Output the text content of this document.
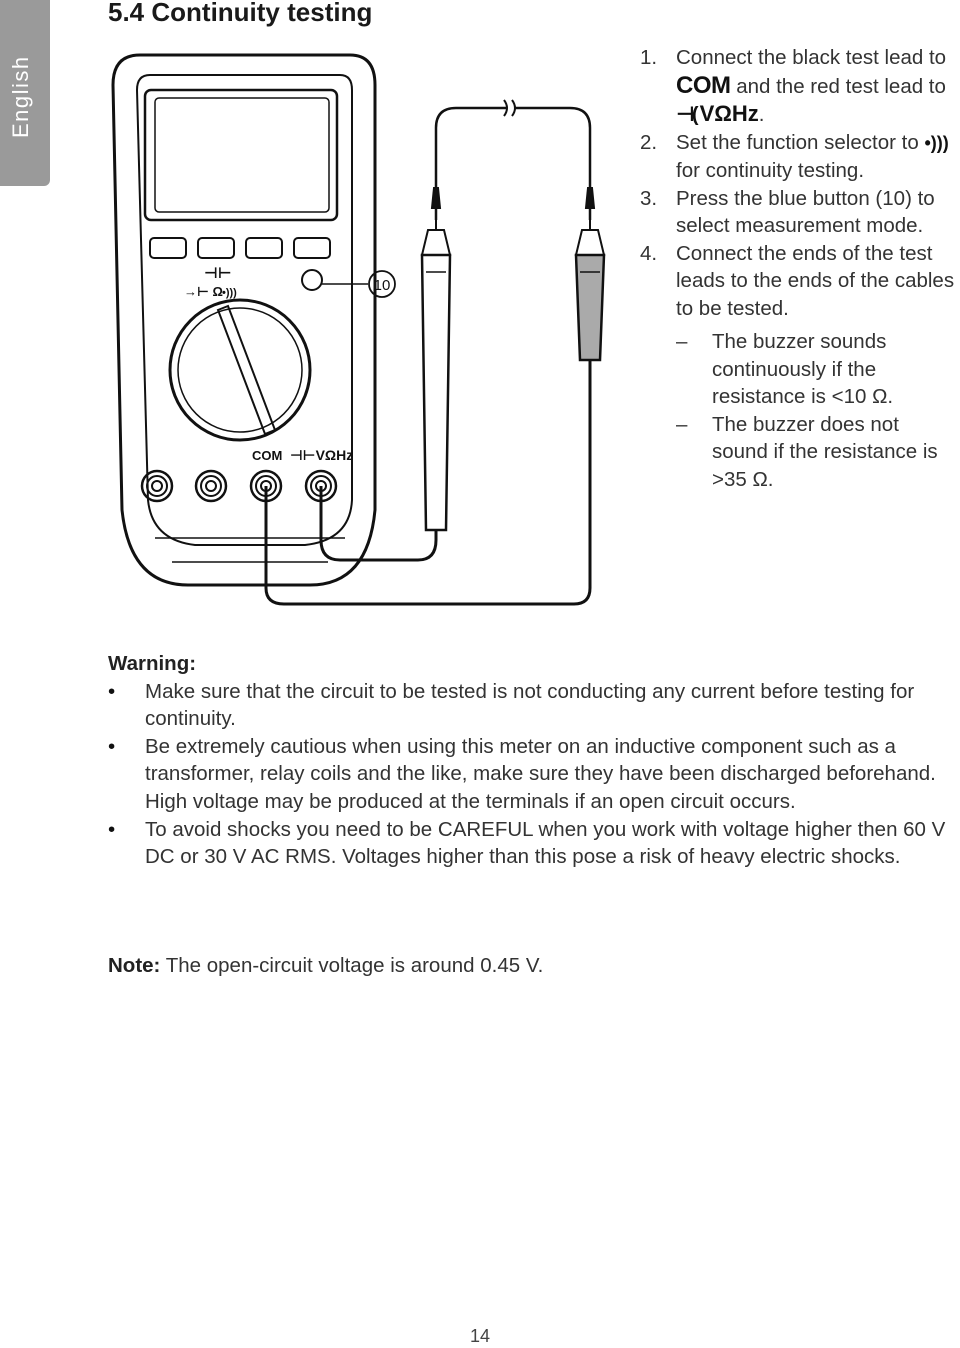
English
5.4 Continuity testing
⊣⊢
→⊢ Ω •)))	10
COM ⊣⊢VΩHz
1. Connect the black test lead to COM and the red test lead to ⊣( VΩHz.
2. Set the function selector to •))) for continuity testing.
3. Press the blue button (10) to select measurement mode.
4. Connect the ends of the test leads to the ends of the cables to be tested.
–	The buzzer sounds continuously if the resistance is <10 Ω.
–	The buzzer does not sound if the resistance is >35 Ω.
Warning:
•
Make sure that the circuit to be tested is not conducting any current before testing for continuity.
•
Be extremely cautious when using this meter on an inductive component such as a transformer, relay coils and the like, make sure they have been discharged beforehand. High voltage may be produced at the terminals if an open circuit occurs.
•
To avoid shocks you need to be CAREFUL when you work with voltage higher then 60 V DC or 30 V AC RMS. Voltages higher than this pose a risk of heavy electric shocks.
Note: The open-circuit voltage is around 0.45 V.
14
